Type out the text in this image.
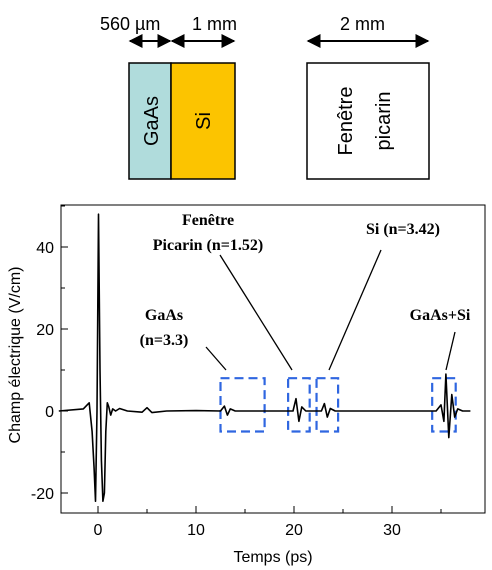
560 µm 1 mm	2 mm
GaAs Si	Fenêtre picarin
0	10	20	30
-20
0
20
40
Temps (ps)
Champ électrique (V/cm)	GaAs
(n=3.3)
Fenêtre
Picarin (n=1.52)
Si (n=3.42)
GaAs+Si
